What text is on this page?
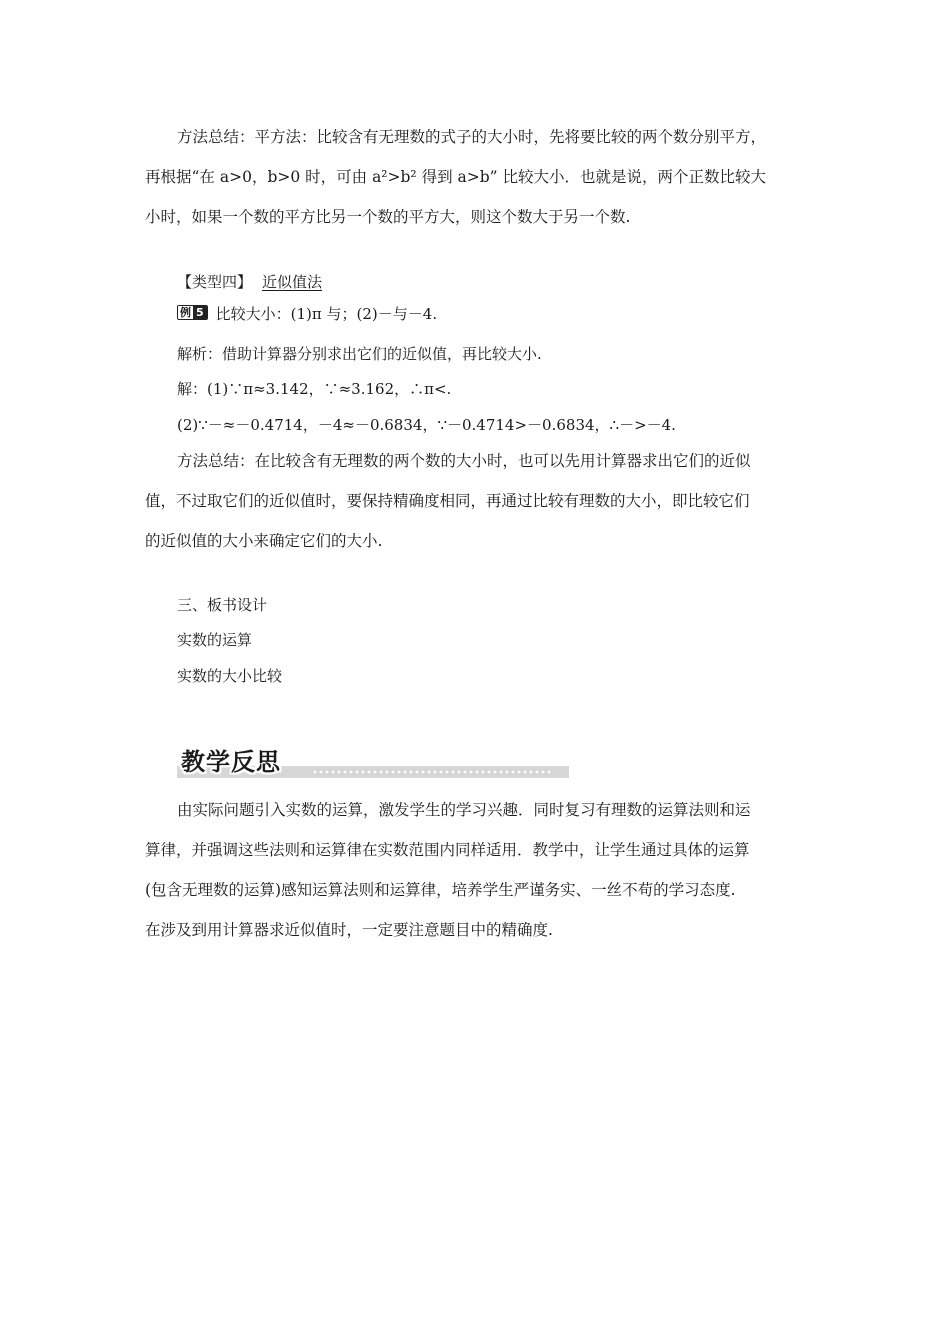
方法总结：平方法：比较含有无理数的式子的大小时，先将要比较的两个数分别平方，
再根据“在 a>0，b>0 时，可由 a²>b² 得到 a>b” 比较大小．也就是说，两个正数比较大
小时，如果一个数的平方比另一个数的平方大，则这个数大于另一个数.
【类型四】 近似值法
例 5 比较大小：(1)π 与；(2)－与－4.
解析：借助计算器分别求出它们的近似值，再比较大小.
解：(1)∵π≈3.142，∵≈3.162，∴π<.
(2)∵－≈－0.4714，－4≈－0.6834，∵－0.4714>－0.6834，∴－>－4.
方法总结：在比较含有无理数的两个数的大小时，也可以先用计算器求出它们的近似
值，不过取它们的近似值时，要保持精确度相同，再通过比较有理数的大小，即比较它们
的近似值的大小来确定它们的大小.
三、板书设计
实数的运算
实数的大小比较
教学反思
由实际问题引入实数的运算，激发学生的学习兴趣．同时复习有理数的运算法则和运
算律，并强调这些法则和运算律在实数范围内同样适用．教学中，让学生通过具体的运算
(包含无理数的运算)感知运算法则和运算律，培养学生严谨务实、一丝不苟的学习态度.
在涉及到用计算器求近似值时，一定要注意题目中的精确度.
